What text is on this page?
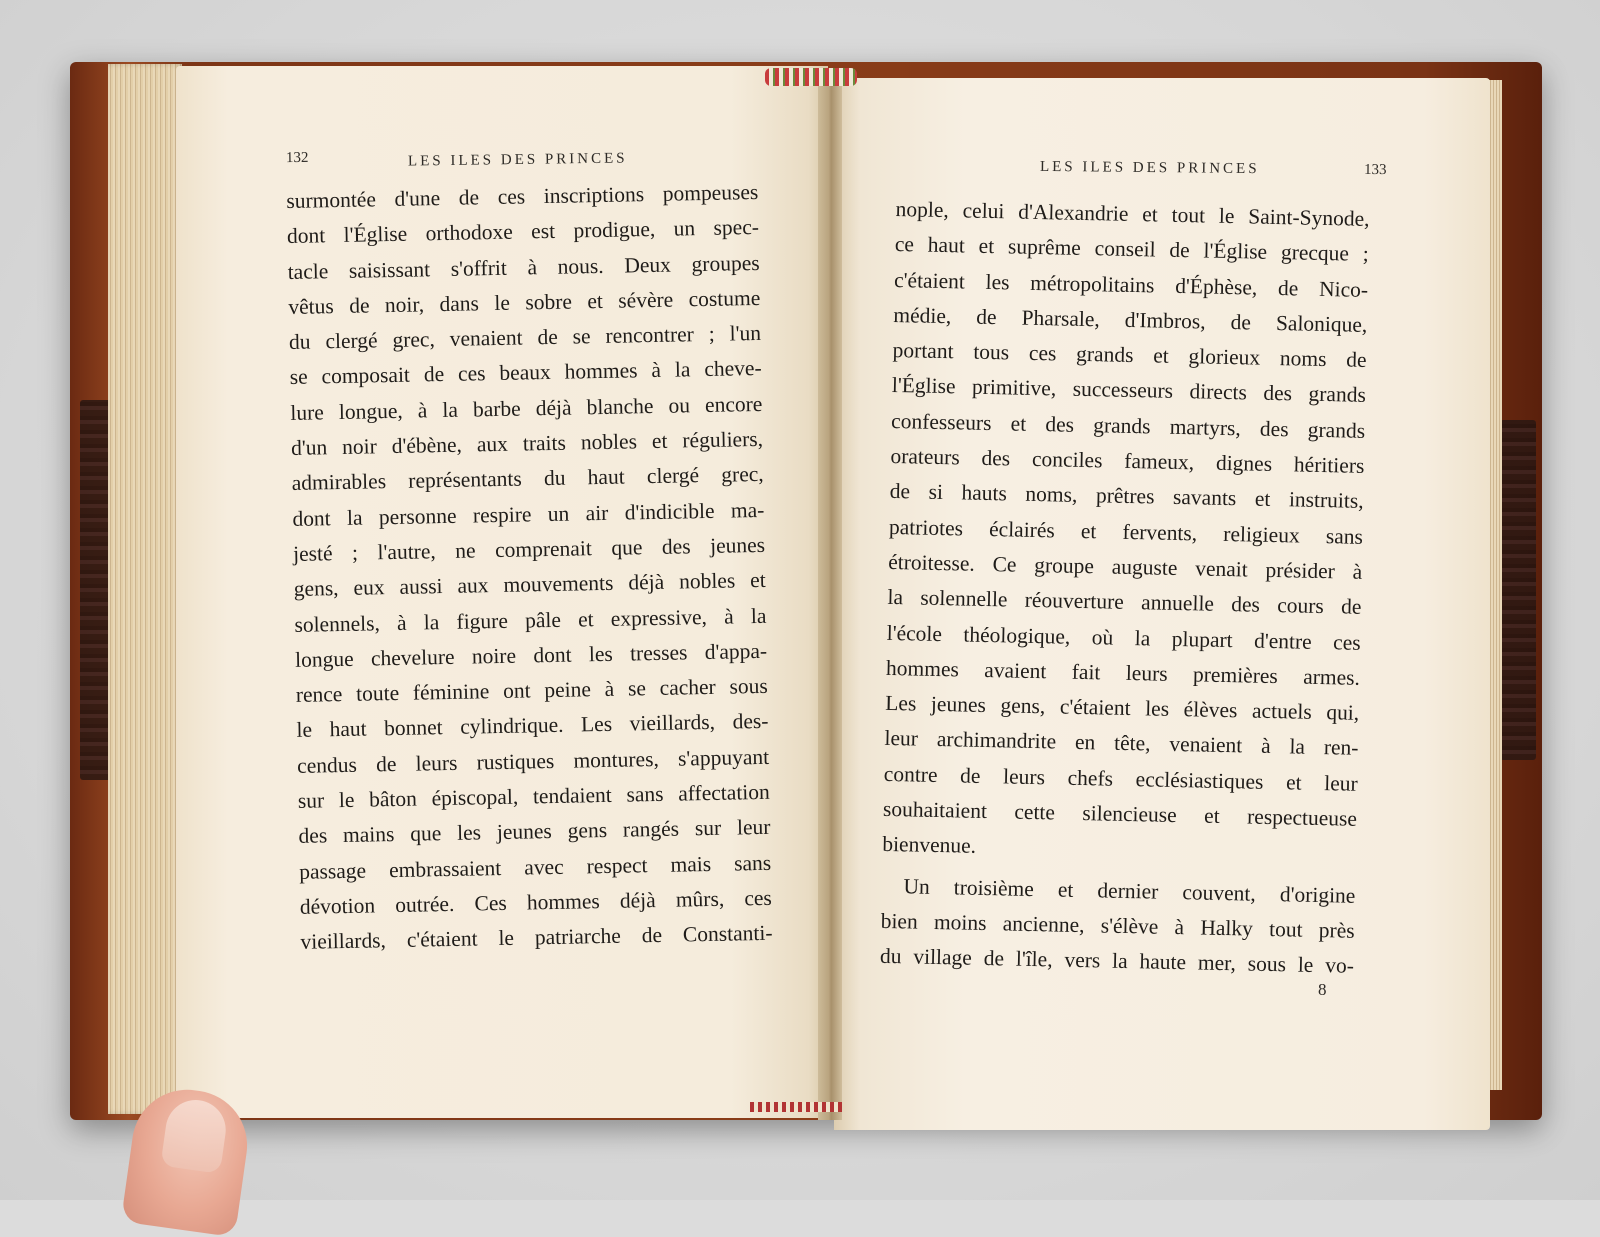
132	LES ILES DES PRINCES	LES ILES DES PRINCES	133
surmontée d'une de ces inscriptions pompeuses
dont l'Église orthodoxe est prodigue, un spec-
tacle saisissant s'offrit à nous. Deux groupes
vêtus de noir, dans le sobre et sévère costume
du clergé grec, venaient de se rencontrer ; l'un
se composait de ces beaux hommes à la cheve-
lure longue, à la barbe déjà blanche ou encore
d'un noir d'ébène, aux traits nobles et réguliers,
admirables représentants du haut clergé grec,
dont la personne respire un air d'indicible ma-
jesté ; l'autre, ne comprenait que des jeunes
gens, eux aussi aux mouvements déjà nobles et
solennels, à la figure pâle et expressive, à la
longue chevelure noire dont les tresses d'appa-
rence toute féminine ont peine à se cacher sous
le haut bonnet cylindrique. Les vieillards, des-
cendus de leurs rustiques montures, s'appuyant
sur le bâton épiscopal, tendaient sans affectation
des mains que les jeunes gens rangés sur leur
passage embrassaient avec respect mais sans
dévotion outrée. Ces hommes déjà mûrs, ces
vieillards, c'étaient le patriarche de Constanti-
nople, celui d'Alexandrie et tout le Saint-Synode,
ce haut et suprême conseil de l'Église grecque ;
c'étaient les métropolitains d'Éphèse, de Nico-
médie, de Pharsale, d'Imbros, de Salonique,
portant tous ces grands et glorieux noms de
l'Église primitive, successeurs directs des grands
confesseurs et des grands martyrs, des grands
orateurs des conciles fameux, dignes héritiers
de si hauts noms, prêtres savants et instruits,
patriotes éclairés et fervents, religieux sans
étroitesse. Ce groupe auguste venait présider à
la solennelle réouverture annuelle des cours de
l'école théologique, où la plupart d'entre ces
hommes avaient fait leurs premières armes.
Les jeunes gens, c'étaient les élèves actuels qui,
leur archimandrite en tête, venaient à la ren-
contre de leurs chefs ecclésiastiques et leur
souhaitaient cette silencieuse et respectueuse
bienvenue.
Un troisième et dernier couvent, d'origine
bien moins ancienne, s'élève à Halky tout près
du village de l'île, vers la haute mer, sous le vo-
8
